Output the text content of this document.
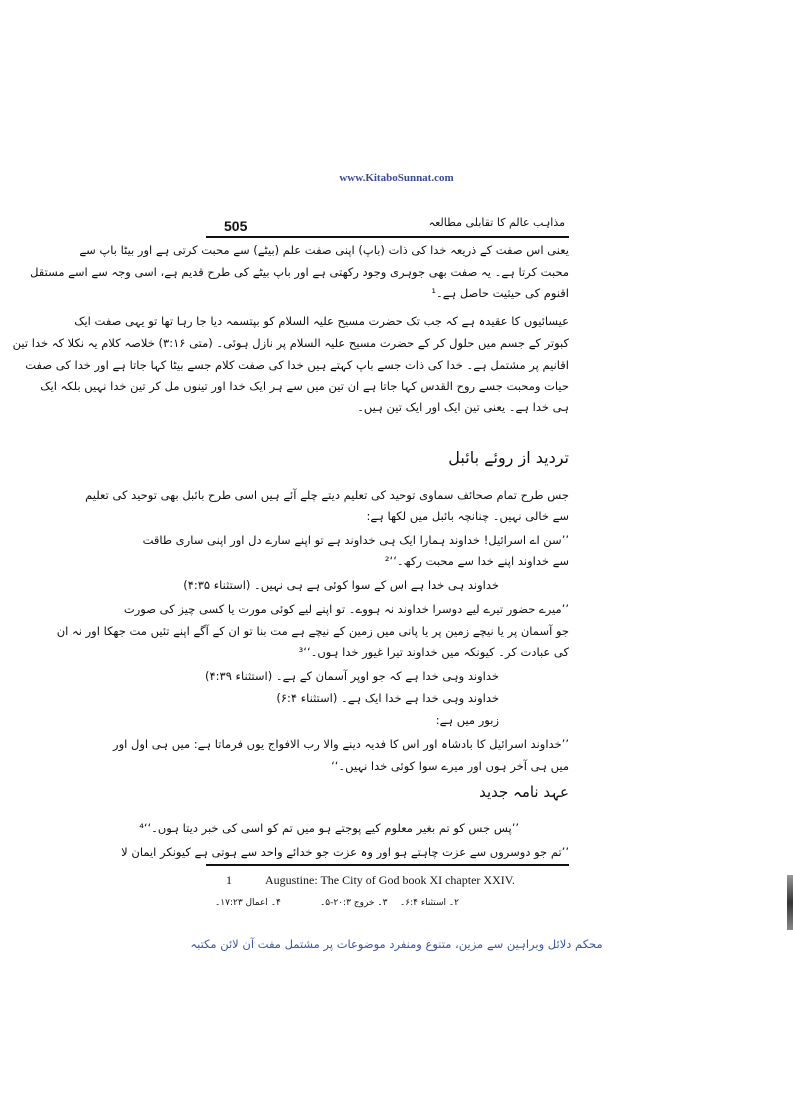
www.KitaboSunnat.com
505	مذاہب عالم کا تقابلی مطالعہ
یعنی اس صفت کے ذریعہ خدا کی ذات (باپ) اپنی صفت علم (بیٹے) سے محبت کرتی ہے اور بیٹا باپ سے
محبت کرتا ہے۔ یہ صفت بھی جوہری وجود رکھتی ہے اور باپ بیٹے کی طرح قدیم ہے، اسی وجہ سے اسے مستقل
اقنوم کی حیثیت حاصل ہے۔¹
عیسائیوں کا عقیدہ ہے کہ جب تک حضرت مسیح علیہ السلام کو بپتسمہ دیا جا رہا تھا تو یہی صفت ایک
کبوتر کے جسم میں حلول کر کے حضرت مسیح علیہ السلام پر نازل ہوئی۔ (متی ۳:۱۶) خلاصہ کلام یہ نکلا کہ خدا تین
اقانیم پر مشتمل ہے۔ خدا کی ذات جسے باپ کہتے ہیں خدا کی صفت کلام جسے بیٹا کہا جاتا ہے اور خدا کی صفت
حیات ومحبت جسے روح القدس کہا جاتا ہے ان تین میں سے ہر ایک خدا اور تینوں مل کر تین خدا نہیں بلکہ ایک
ہی خدا ہے۔ یعنی تین ایک اور ایک تین ہیں۔
تردید از روئے بائبل
جس طرح تمام صحائف سماوی توحید کی تعلیم دیتے چلے آئے ہیں اسی طرح بائبل بھی توحید کی تعلیم
سے خالی نہیں۔ چنانچہ بائبل میں لکھا ہے:
’’سن اے اسرائیل! خداوند ہمارا ایک ہی خداوند ہے تو اپنے سارے دل اور اپنی ساری طاقت
سے خداوند اپنے خدا سے محبت رکھ۔‘‘²
خداوند ہی خدا ہے اس کے سوا کوئی ہے ہی نہیں۔ (استثناء ۴:۳۵)
’’میرے حضور تیرے لیے دوسرا خداوند نہ ہووے۔ تو اپنے لیے کوئی مورت یا کسی چیز کی صورت
جو آسمان پر یا نیچے زمین پر یا پانی میں زمین کے نیچے ہے مت بنا تو ان کے آگے اپنے تئیں مت جھکا اور نہ ان
کی عبادت کر۔ کیونکہ میں خداوند تیرا غیور خدا ہوں۔‘‘³
خداوند وہی خدا ہے کہ جو اوپر آسمان کے ہے۔ (استثناء ۴:۳۹)
خداوند وہی خدا ہے خدا ایک ہے۔ (استثناء ۶:۴)
زبور میں ہے:
’’خداوند اسرائیل کا بادشاہ اور اس کا فدیہ دینے والا رب الافواج یوں فرماتا ہے: میں ہی اول اور
میں ہی آخر ہوں اور میرے سوا کوئی خدا نہیں۔‘‘
عہد نامہ جدید
’’پس جس کو تم بغیر معلوم کیے پوجتے ہو میں تم کو اسی کی خبر دیتا ہوں۔‘‘⁴
’’تم جو دوسروں سے عزت چاہتے ہو اور وہ عزت جو خدائے واحد سے ہوتی ہے کیونکر ایمان لا
1	Augustine: The City of God book XI chapter XXIV.
۲۔ استثناء ۶:۴۔
۳۔ خروج ۲۰:۳-۵۔
۴۔ اعمال ۱۷:۲۳۔
محکم دلائل وبراہین سے مزین، متنوع ومنفرد موضوعات پر مشتمل مفت آن لائن مکتبہ
